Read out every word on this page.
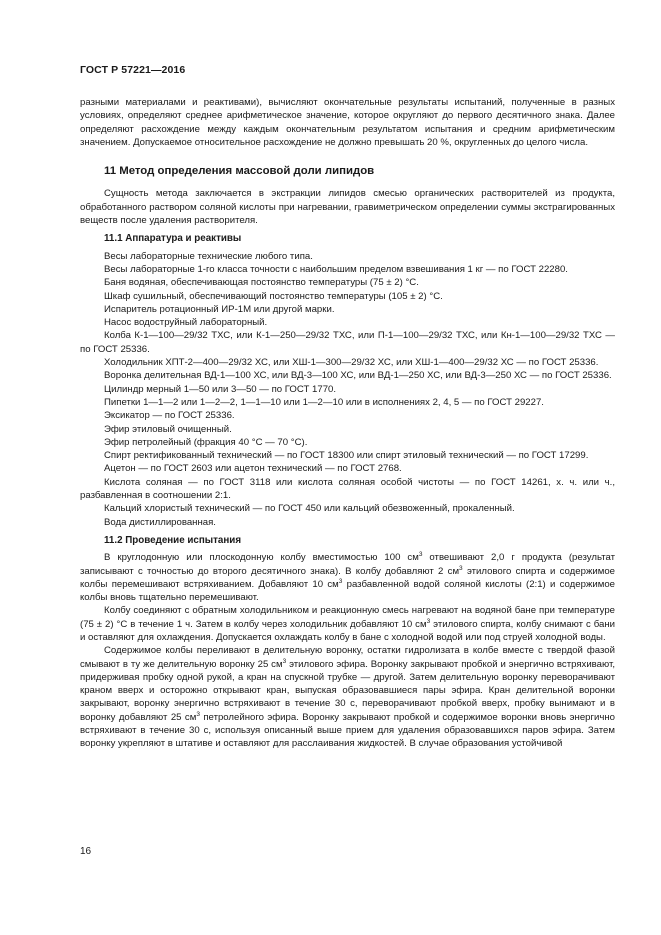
ГОСТ Р 57221—2016

разными материалами и реактивами), вычисляют окончательные результаты испытаний, полученные в разных условиях, определяют среднее арифметическое значение, которое округляют до первого десятичного знака. Далее определяют расхождение между каждым окончательным результатом испытания и средним арифметическим значением. Допускаемое относительное расхождение не должно превышать 20 %, округленных до целого числа.

11 Метод определения массовой доли липидов

Сущность метода заключается в экстракции липидов смесью органических растворителей из продукта, обработанного раствором соляной кислоты при нагревании, гравиметрическом определении суммы экстрагированных веществ после удаления растворителя.

11.1 Аппаратура и реактивы

Весы лабораторные технические любого типа.

Весы лабораторные 1-го класса точности с наибольшим пределом взвешивания 1 кг — по ГОСТ 22280.

Баня водяная, обеспечивающая постоянство температуры (75 ± 2) °С.

Шкаф сушильный, обеспечивающий постоянство температуры (105 ± 2) °С.

Испаритель ротационный ИР-1М или другой марки.

Насос водоструйный лабораторный.

Колба К-1—100—29/32 ТХС, или К-1—250—29/32 ТХС, или П-1—100—29/32 ТХС, или Кн-1—100—29/32 ТХС — по ГОСТ 25336.

Холодильник ХПТ-2—400—29/32 ХС, или ХШ-1—300—29/32 ХС, или ХШ-1—400—29/32 ХС — по ГОСТ 25336.

Воронка делительная ВД-1—100 ХС, или ВД-3—100 ХС, или ВД-1—250 ХС, или ВД-3—250 ХС — по ГОСТ 25336.

Цилиндр мерный 1—50 или 3—50 — по ГОСТ 1770.

Пипетки 1—1—2 или 1—2—2, 1—1—10 или 1—2—10 или в исполнениях 2, 4, 5 — по ГОСТ 29227.

Эксикатор — по ГОСТ 25336.

Эфир этиловый очищенный.

Эфир петролейный (фракция 40 °С — 70 °С).

Спирт ректификованный технический — по ГОСТ 18300 или спирт этиловый технический — по ГОСТ 17299.

Ацетон — по ГОСТ 2603 или ацетон технический — по ГОСТ 2768.

Кислота соляная — по ГОСТ 3118 или кислота соляная особой чистоты — по ГОСТ 14261, х. ч. или ч., разбавленная в соотношении 2:1.

Кальций хлористый технический — по ГОСТ 450 или кальций обезвоженный, прокаленный.

Вода дистиллированная.

11.2 Проведение испытания

В круглодонную или плоскодонную колбу вместимостью 100 $см^3$ отвешивают 2,0 г продукта (результат записывают с точностью до второго десятичного знака). В колбу добавляют 2 $см^3$ этилового спирта и содержимое колбы перемешивают встряхиванием. Добавляют 10 $см^3$ разбавленной водой соляной кислоты (2:1) и содержимое колбы вновь тщательно перемешивают.

Колбу соединяют с обратным холодильником и реакционную смесь нагревают на водяной бане при температуре (75 ± 2) °С в течение 1 ч. Затем в колбу через холодильник добавляют 10 $см^3$ этилового спирта, колбу снимают с бани и оставляют для охлаждения. Допускается охлаждать колбу в бане с холодной водой или под струей холодной воды.

Содержимое колбы переливают в делительную воронку, остатки гидролизата в колбе вместе с твердой фазой смывают в ту же делительную воронку 25 $см^3$ этилового эфира. Воронку закрывают пробкой и энергично встряхивают, придерживая пробку одной рукой, а кран на спускной трубке — другой. Затем делительную воронку переворачивают краном вверх и осторожно открывают кран, выпуская образовавшиеся пары эфира. Кран делительной воронки закрывают, воронку энергично встряхивают в течение 30 с, переворачивают пробкой вверх, пробку вынимают и в воронку добавляют 25 $см^3$ петролейного эфира. Воронку закрывают пробкой и содержимое воронки вновь энергично встряхивают в течение 30 с, используя описанный выше прием для удаления образовавшихся паров эфира. Затем воронку укрепляют в штативе и оставляют для расслаивания жидкостей. В случае образования устойчивой

16
